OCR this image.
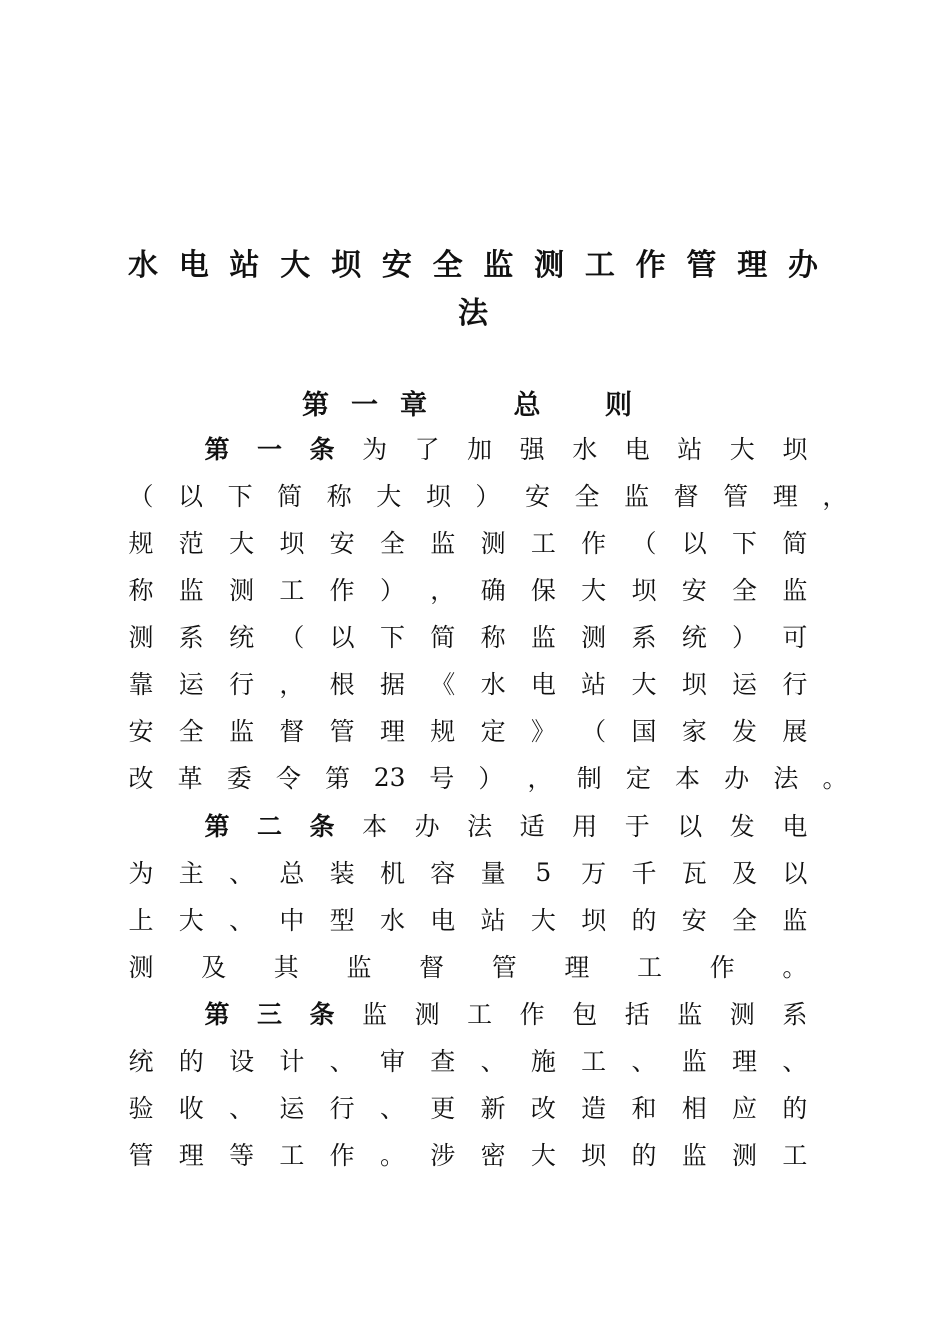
水 电 站 大 坝 安 全 监 测 工 作 管 理 办
法
第一章 总 则
第 一 条 为 了 加 强 水 电 站 大 坝
（ 以 下 简 称 大 坝 ） 安 全 监 督 管 理 ，
规 范 大 坝 安 全 监 测 工 作 （ 以 下 简
称 监 测 工 作 ） ， 确 保 大 坝 安 全 监
测 系 统 （ 以 下 简 称 监 测 系 统 ） 可
靠 运 行 ， 根 据 《 水 电 站 大 坝 运 行
安 全 监 督 管 理 规 定 》 （ 国 家 发 展
改 革 委 令 第 23 号 ） ， 制 定 本 办 法 。
第 二 条 本 办 法 适 用 于 以 发 电
为 主 、 总 装 机 容 量 5 万 千 瓦 及 以
上 大 、 中 型 水 电 站 大 坝 的 安 全 监
测 及 其 监 督 管 理 工 作 。
第 三 条 监 测 工 作 包 括 监 测 系
统 的 设 计 、 审 查 、 施 工 、 监 理 、
验 收 、 运 行 、 更 新 改 造 和 相 应 的
管 理 等 工 作 。 涉 密 大 坝 的 监 测 工
